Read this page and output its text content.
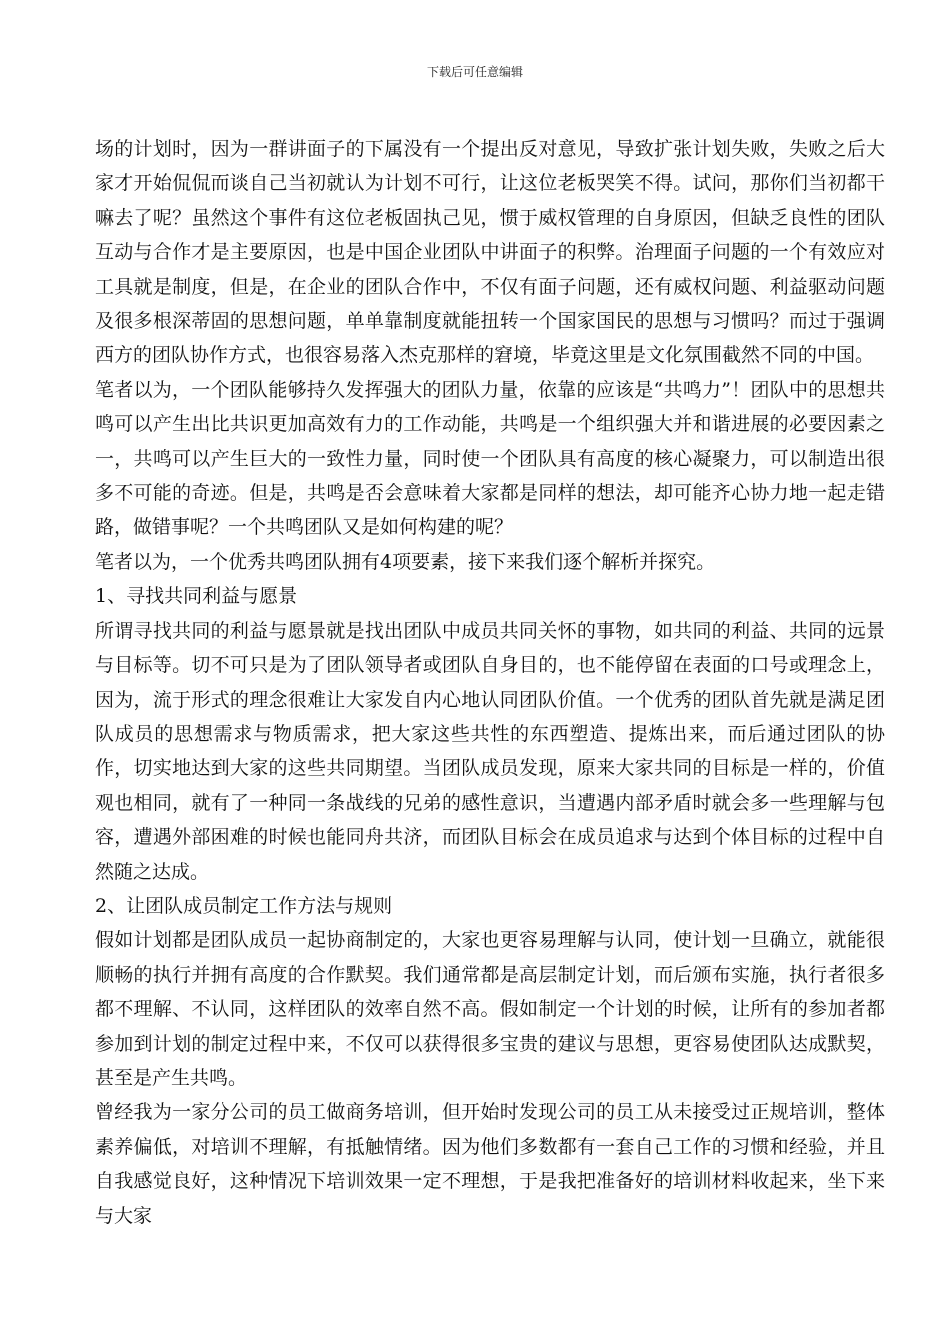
下载后可任意编辑

场的计划时，因为一群讲面子的下属没有一个提出反对意见，导致扩张计划失败，失败之后大家才开始侃侃而谈自己当初就认为计划不可行，让这位老板哭笑不得。试问，那你们当初都干嘛去了呢？虽然这个事件有这位老板固执己见，惯于威权管理的自身原因，但缺乏良性的团队互动与合作才是主要原因，也是中国企业团队中讲面子的积弊。治理面子问题的一个有效应对工具就是制度，但是，在企业的团队合作中，不仅有面子问题，还有威权问题、利益驱动问题及很多根深蒂固的思想问题，单单靠制度就能扭转一个国家国民的思想与习惯吗？而过于强调西方的团队协作方式，也很容易落入杰克那样的窘境，毕竟这里是文化氛围截然不同的中国。

笔者以为，一个团队能够持久发挥强大的团队力量，依靠的应该是“共鸣力”！团队中的思想共鸣可以产生出比共识更加高效有力的工作动能，共鸣是一个组织强大并和谐进展的必要因素之一，共鸣可以产生巨大的一致性力量，同时使一个团队具有高度的核心凝聚力，可以制造出很多不可能的奇迹。但是，共鸣是否会意味着大家都是同样的想法，却可能齐心协力地一起走错路，做错事呢？一个共鸣团队又是如何构建的呢？

笔者以为，一个优秀共鸣团队拥有4项要素，接下来我们逐个解析并探究。

1、寻找共同利益与愿景

所谓寻找共同的利益与愿景就是找出团队中成员共同关怀的事物，如共同的利益、共同的远景与目标等。切不可只是为了团队领导者或团队自身目的，也不能停留在表面的口号或理念上，因为，流于形式的理念很难让大家发自内心地认同团队价值。一个优秀的团队首先就是满足团队成员的思想需求与物质需求，把大家这些共性的东西塑造、提炼出来，而后通过团队的协作，切实地达到大家的这些共同期望。当团队成员发现，原来大家共同的目标是一样的，价值观也相同，就有了一种同一条战线的兄弟的感性意识，当遭遇内部矛盾时就会多一些理解与包容，遭遇外部困难的时候也能同舟共济，而团队目标会在成员追求与达到个体目标的过程中自然随之达成。

2、让团队成员制定工作方法与规则

假如计划都是团队成员一起协商制定的，大家也更容易理解与认同，使计划一旦确立，就能很顺畅的执行并拥有高度的合作默契。我们通常都是高层制定计划，而后颁布实施，执行者很多都不理解、不认同，这样团队的效率自然不高。假如制定一个计划的时候，让所有的参加者都参加到计划的制定过程中来，不仅可以获得很多宝贵的建议与思想，更容易使团队达成默契，甚至是产生共鸣。

曾经我为一家分公司的员工做商务培训，但开始时发现公司的员工从未接受过正规培训，整体素养偏低，对培训不理解，有抵触情绪。因为他们多数都有一套自己工作的习惯和经验，并且自我感觉良好，这种情况下培训效果一定不理想，于是我把准备好的培训材料收起来，坐下来与大家
